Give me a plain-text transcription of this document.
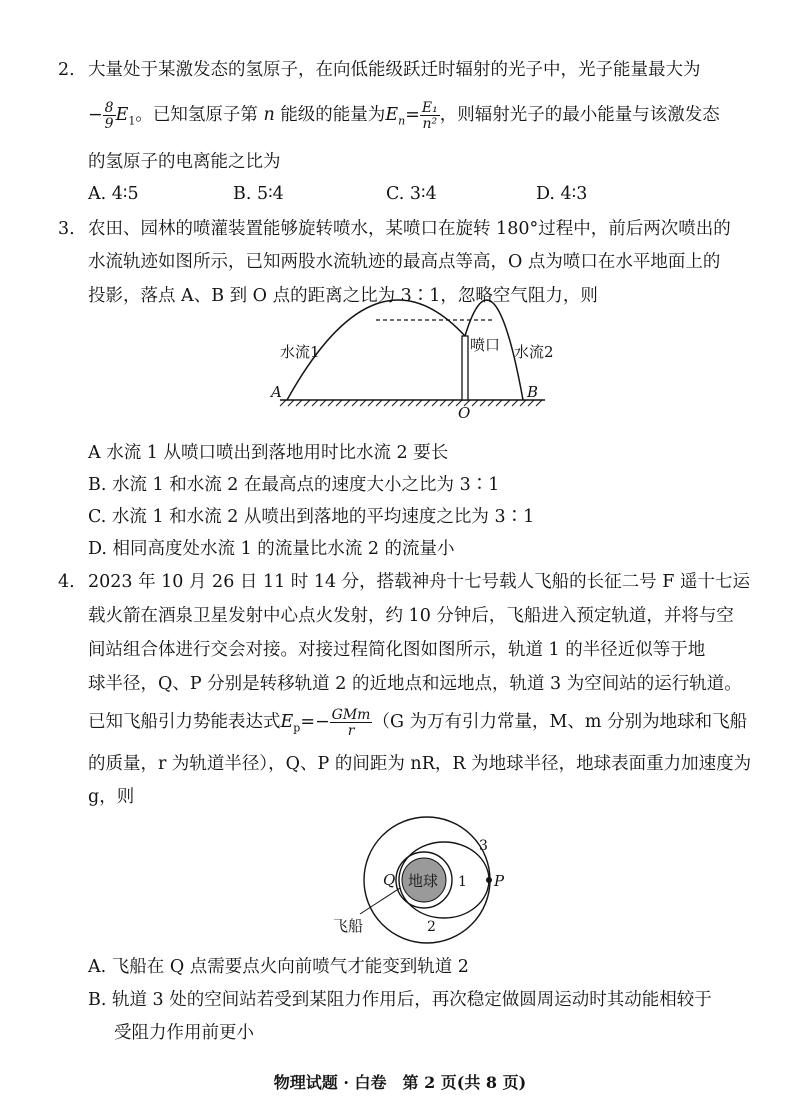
2. 大量处于某激发态的氢原子，在向低能级跃迁时辐射的光子中，光子能量最大为
− $\frac{8}{9} E_1$。已知氢原子第 n 能级的能量为$E_n= \frac{\text{E₁}}{\text{n²}}$ ，则辐射光子的最小能量与该激发态
的氢原子的电离能之比为
A. 4∶5	B. 5∶4	C. 3∶4	D. 4∶3
3. 农田、园林的喷灌装置能够旋转喷水，某喷口在旋转 180°过程中，前后两次喷出的
水流轨迹如图所示，已知两股水流轨迹的最高点等高，O 点为喷口在水平地面上的
投影，落点 A、B 到 O 点的距离之比为 3∶1，忽略空气阻力，则
水流1	喷口 水流2
A
O
B
A 水流 1 从喷口喷出到落地用时比水流 2 要长
B. 水流 1 和水流 2 在最高点的速度大小之比为 3∶1
C. 水流 1 和水流 2 从喷出到落地的平均速度之比为 3∶1
D. 相同高度处水流 1 的流量比水流 2 的流量小
4. 2023 年 10 月 26 日 11 时 14 分，搭载神舟十七号载人飞船的长征二号 F 遥十七运
载火箭在酒泉卫星发射中心点火发射，约 10 分钟后，飞船进入预定轨道，并将与空
间站组合体进行交会对接。对接过程简化图如图所示，轨道 1 的半径近似等于地
球半径，Q、P 分别是转移轨道 2 的近地点和远地点，轨道 3 为空间站的运行轨道。
已知飞船引力势能表达式$E_p=- \frac{\text{GMm}}{r} (G$ 为万有引力常量，M、m 分别为地球和飞船
的质量，r 为轨道半径），Q、P 的间距为 nR，R 为地球半径，地球表面重力加速度为
g，则
地球	P
Q	1
2
3
飞船
A. 飞船在 Q 点需要点火向前喷气才能变到轨道 2
B. 轨道 3 处的空间站若受到某阻力作用后，再次稳定做圆周运动时其动能相较于
受阻力作用前更小
物理试题 · 白卷　第 2 页(共 8 页)
